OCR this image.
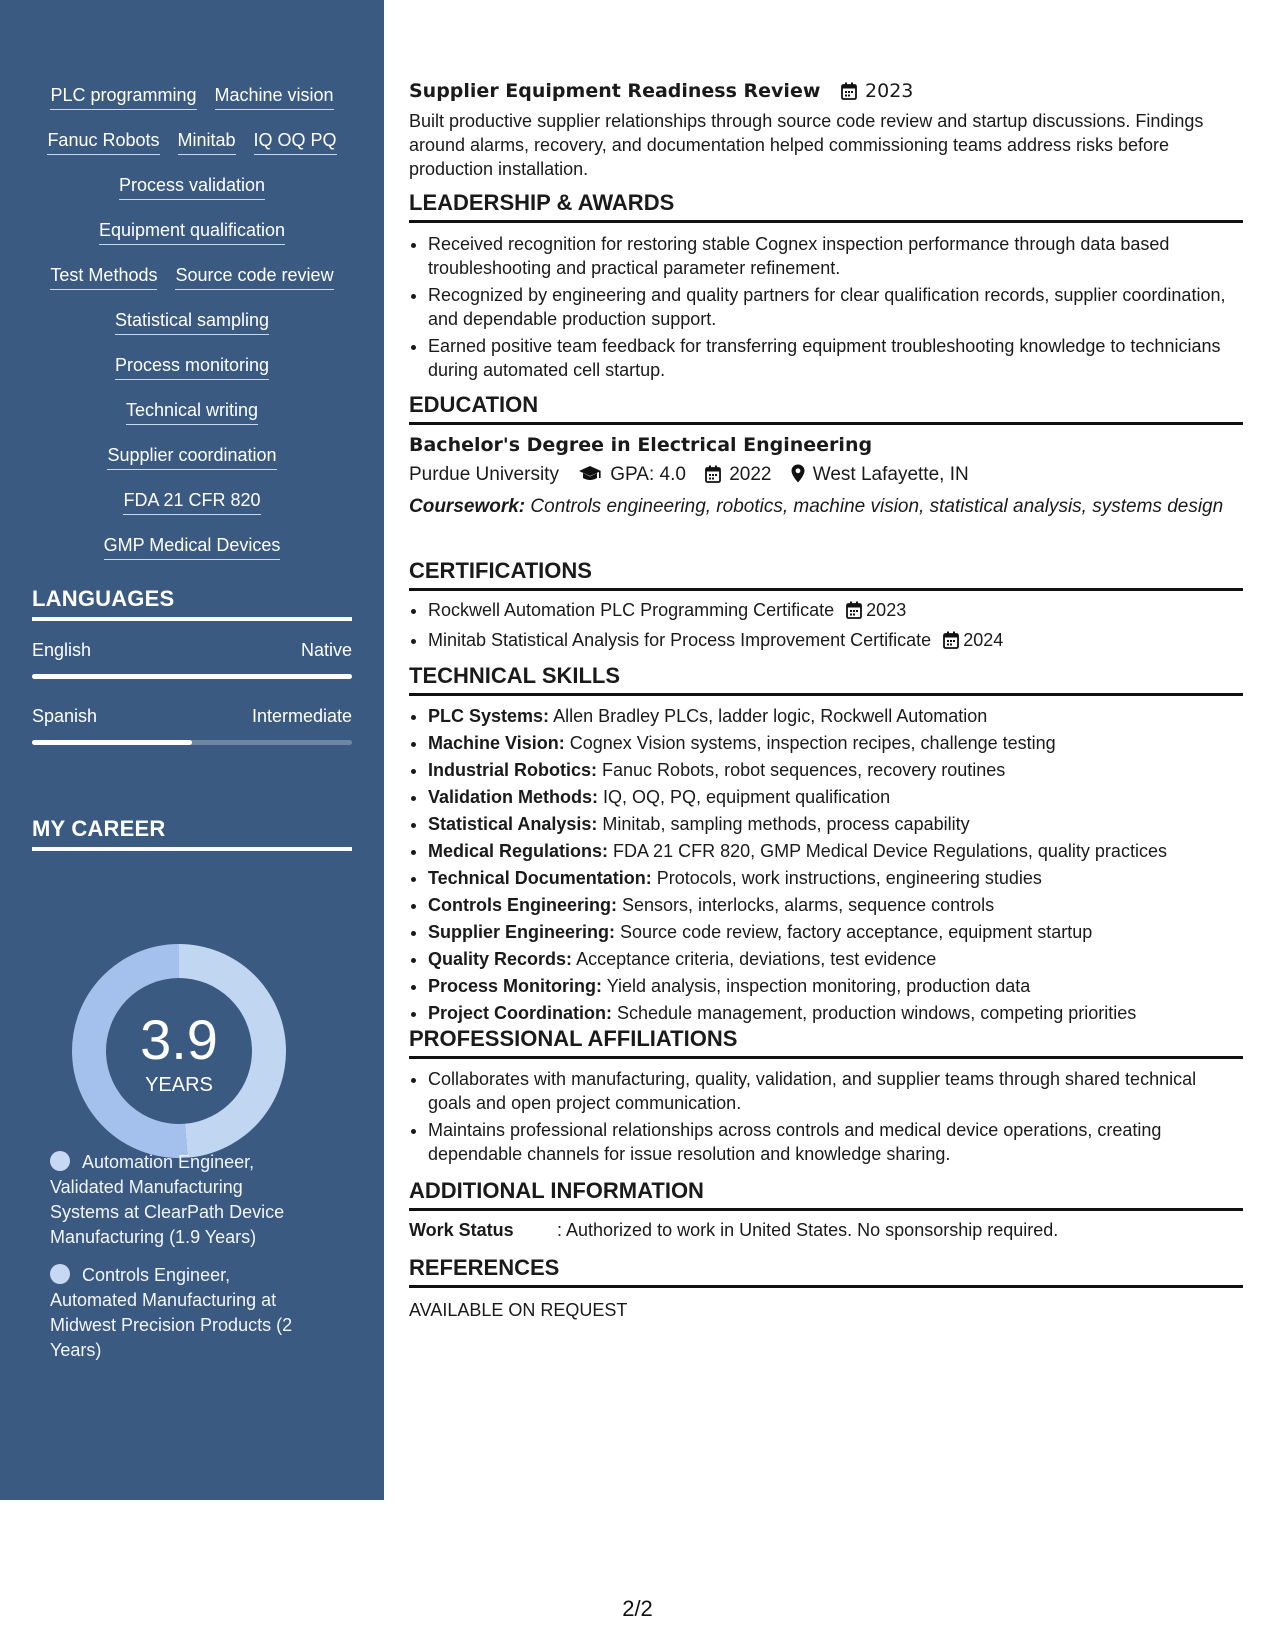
PLC programming Machine vision
Fanuc Robots Minitab IQ OQ PQ
Process validation
Equipment qualification
Test Methods Source code review
Statistical sampling
Process monitoring
Technical writing
Supplier coordination
FDA 21 CFR 820
GMP Medical Devices
LANGUAGES
English	Native
Spanish	Intermediate
MY CAREER
3.9
YEARS
Automation Engineer, Validated Manufacturing Systems at ClearPath Device Manufacturing (1.9 Years)
Controls Engineer, Automated Manufacturing at Midwest Precision Products (2 Years)
Supplier Equipment Readiness Review 2023
Built productive supplier relationships through source code review and startup discussions. Findings around alarms, recovery, and documentation helped commissioning teams address risks before production installation.
LEADERSHIP & AWARDS
• Received recognition for restoring stable Cognex inspection performance through data based troubleshooting and practical parameter refinement.
• Recognized by engineering and quality partners for clear qualification records, supplier coordination, and dependable production support.
• Earned positive team feedback for transferring equipment troubleshooting knowledge to technicians during automated cell startup.
EDUCATION
Bachelor's Degree in Electrical Engineering
Purdue University	GPA: 4.0 2022 West Lafayette, IN
Coursework: Controls engineering, robotics, machine vision, statistical analysis, systems design
CERTIFICATIONS
• Rockwell Automation PLC Programming Certificate 2023
• Minitab Statistical Analysis for Process Improvement Certificate 2024
TECHNICAL SKILLS
• PLC Systems: Allen Bradley PLCs, ladder logic, Rockwell Automation
• Machine Vision: Cognex Vision systems, inspection recipes, challenge testing
• Industrial Robotics: Fanuc Robots, robot sequences, recovery routines
• Validation Methods: IQ, OQ, PQ, equipment qualification
• Statistical Analysis: Minitab, sampling methods, process capability
• Medical Regulations: FDA 21 CFR 820, GMP Medical Device Regulations, quality practices
• Technical Documentation: Protocols, work instructions, engineering studies
• Controls Engineering: Sensors, interlocks, alarms, sequence controls
• Supplier Engineering: Source code review, factory acceptance, equipment startup
• Quality Records: Acceptance criteria, deviations, test evidence
• Process Monitoring: Yield analysis, inspection monitoring, production data
• Project Coordination: Schedule management, production windows, competing priorities
PROFESSIONAL AFFILIATIONS
• Collaborates with manufacturing, quality, validation, and supplier teams through shared technical goals and open project communication.
• Maintains professional relationships across controls and medical device operations, creating dependable channels for issue resolution and knowledge sharing.
ADDITIONAL INFORMATION
Work Status : Authorized to work in United States. No sponsorship required.
REFERENCES
AVAILABLE ON REQUEST
2/2
